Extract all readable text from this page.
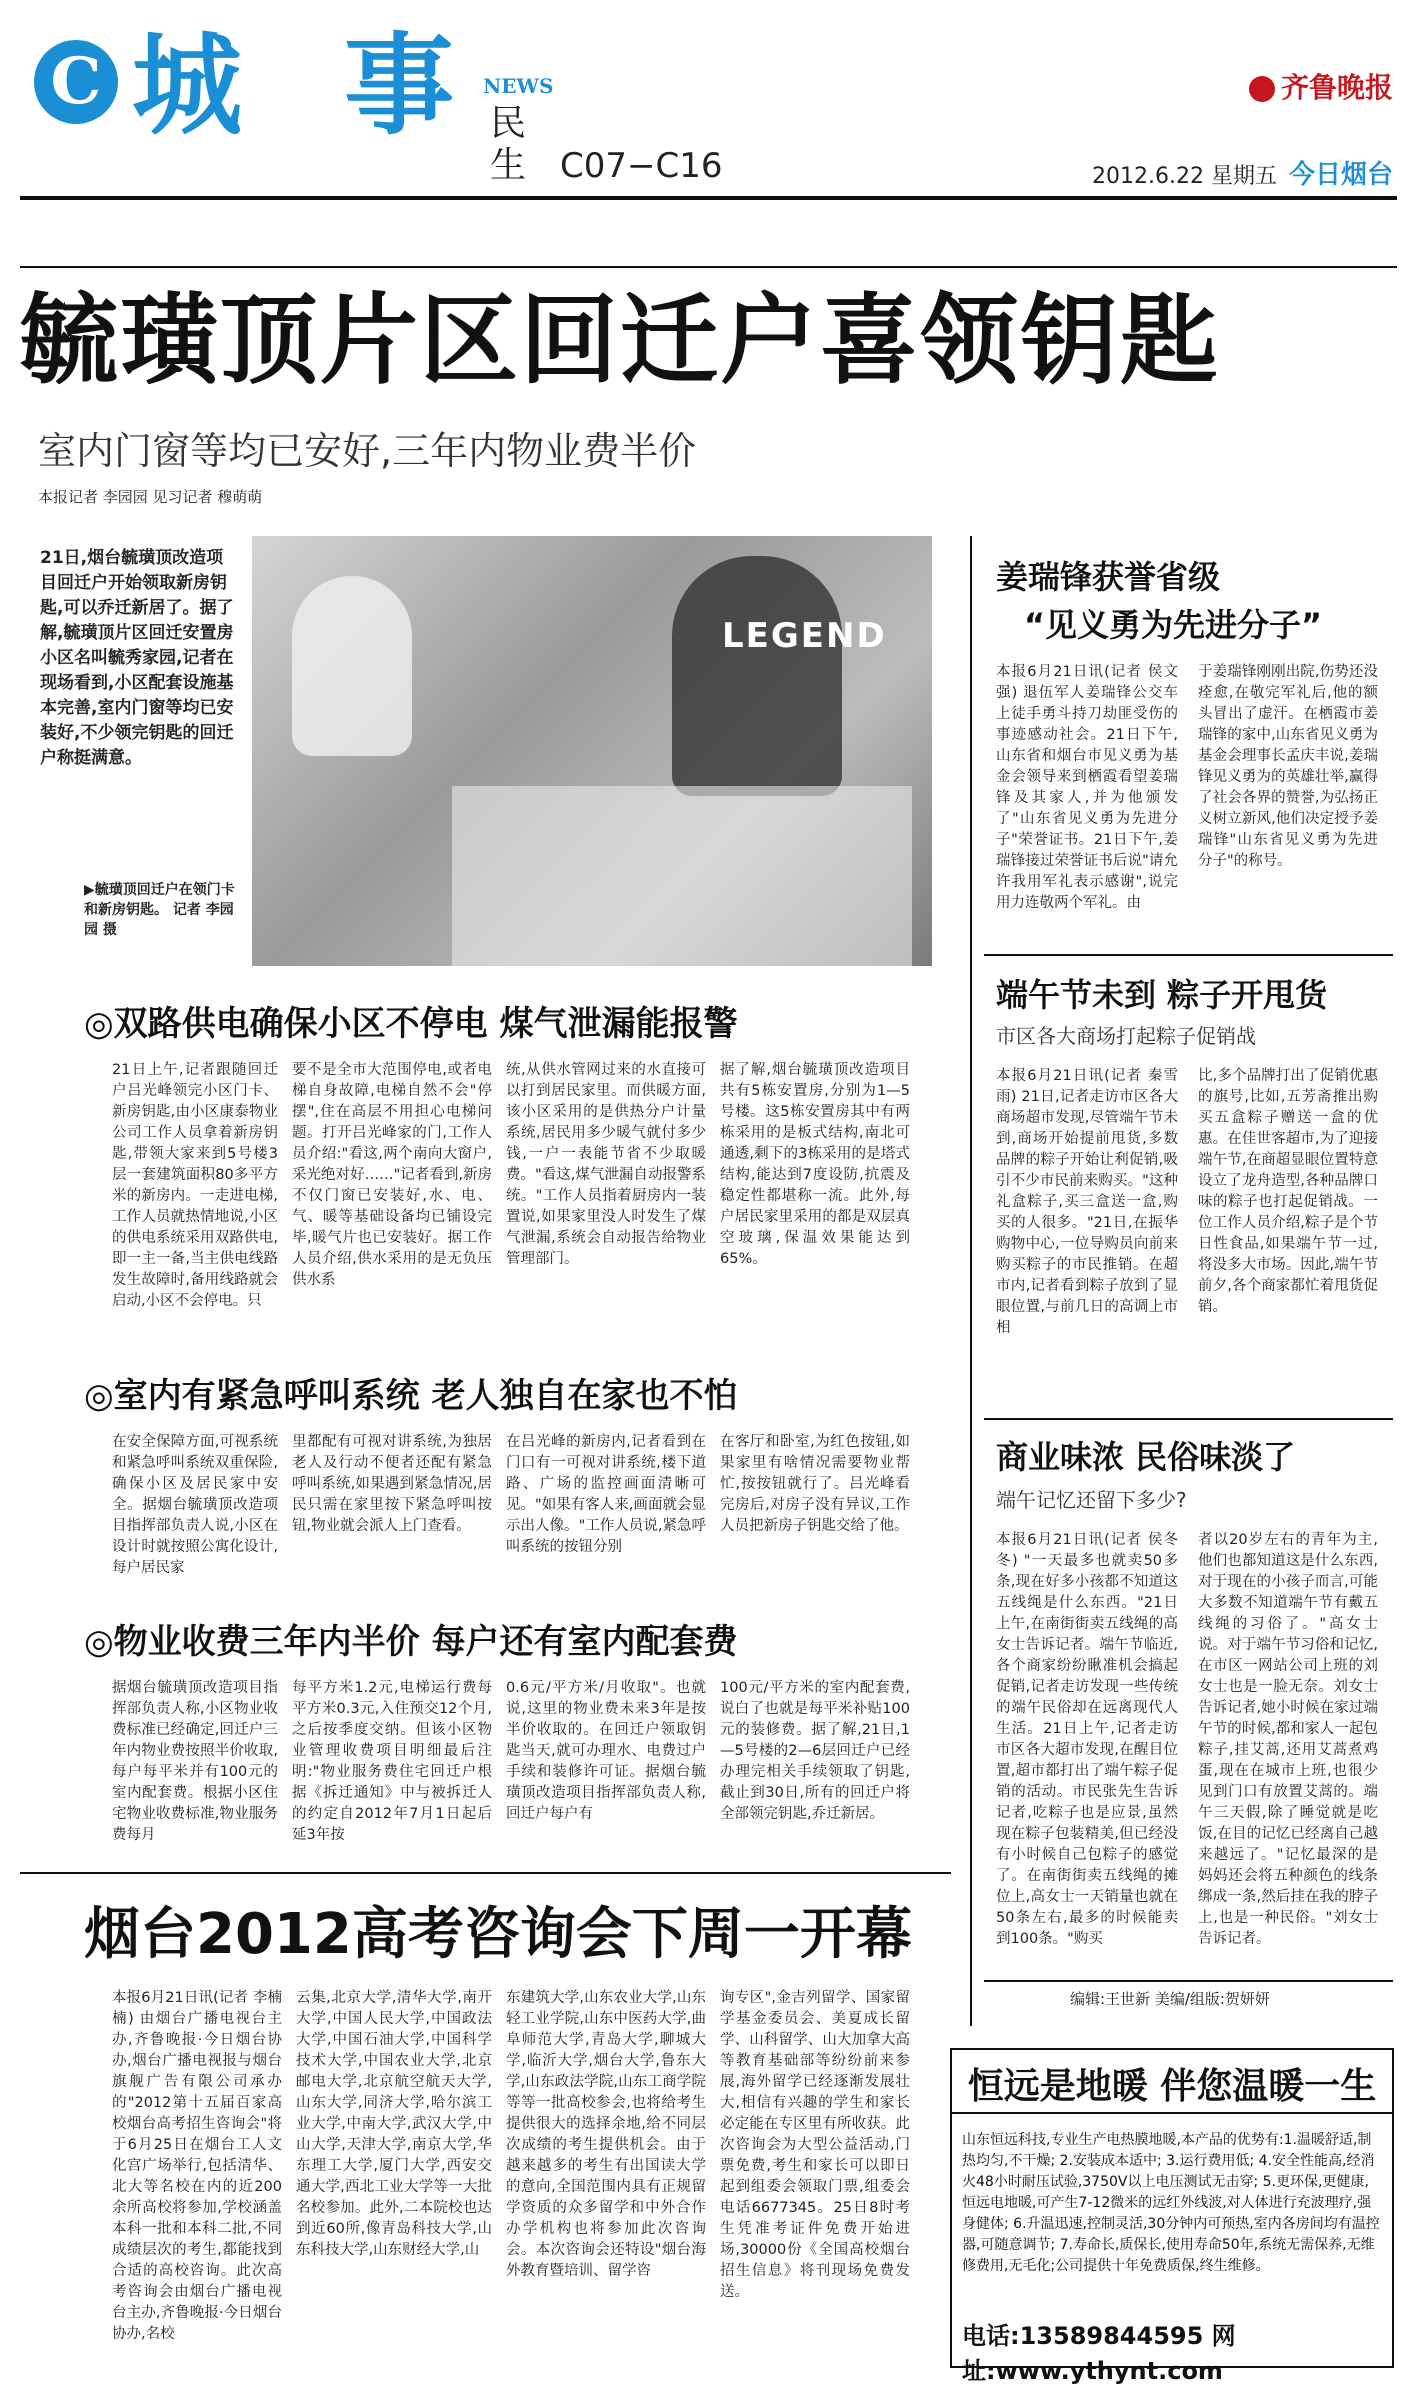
C 城 事 NEWS
民
生 C07−C16
齐鲁晚报
2012.6.22 星期五 今日烟台
毓璜顶片区回迁户喜领钥匙
室内门窗等均已安好,三年内物业费半价
本报记者 李园园 见习记者 穆萌萌
LEGEND
21日,烟台毓璜顶改造项目回迁户开始领取新房钥匙,可以乔迁新居了。据了解,毓璜顶片区回迁安置房小区名叫毓秀家园,记者在现场看到,小区配套设施基本完善,室内门窗等均已安装好,不少领完钥匙的回迁户称挺满意。
▶毓璜顶回迁户在领门卡和新房钥匙。 记者 李园园 摄
◎双路供电确保小区不停电 煤气泄漏能报警
21日上午,记者跟随回迁户吕光峰领完小区门卡、新房钥匙,由小区康泰物业公司工作人员拿着新房钥匙,带领大家来到5号楼3层一套建筑面积80多平方米的新房内。一走进电梯,工作人员就热情地说,小区的供电系统采用双路供电,即一主一备,当主供电线路发生故障时,备用线路就会启动,小区不会停电。只
要不是全市大范围停电,或者电梯自身故障,电梯自然不会"停摆",住在高层不用担心电梯问题。打开吕光峰家的门,工作人员介绍:"看这,两个南向大窗户,采光绝对好……"记者看到,新房不仅门窗已安装好,水、电、气、暖等基础设备均已铺设完毕,暖气片也已安装好。据工作人员介绍,供水采用的是无负压供水系
统,从供水管网过来的水直接可以打到居民家里。而供暖方面,该小区采用的是供热分户计量系统,居民用多少暖气就付多少钱,一户一表能节省不少取暖费。"看这,煤气泄漏自动报警系统。"工作人员指着厨房内一装置说,如果家里没人时发生了煤气泄漏,系统会自动报告给物业管理部门。
据了解,烟台毓璜顶改造项目共有5栋安置房,分别为1—5号楼。这5栋安置房其中有两栋采用的是板式结构,南北可通透,剩下的3栋采用的是塔式结构,能达到7度设防,抗震及稳定性都堪称一流。此外,每户居民家里采用的都是双层真空玻璃,保温效果能达到65%。
◎室内有紧急呼叫系统 老人独自在家也不怕
在安全保障方面,可视系统和紧急呼叫系统双重保险,确保小区及居民家中安全。据烟台毓璜顶改造项目指挥部负责人说,小区在设计时就按照公寓化设计,每户居民家
里都配有可视对讲系统,为独居老人及行动不便者还配有紧急呼叫系统,如果遇到紧急情况,居民只需在家里按下紧急呼叫按钮,物业就会派人上门查看。
在吕光峰的新房内,记者看到在门口有一可视对讲系统,楼下道路、广场的监控画面清晰可见。"如果有客人来,画面就会显示出人像。"工作人员说,紧急呼叫系统的按钮分别
在客厅和卧室,为红色按钮,如果家里有啥情况需要物业帮忙,按按钮就行了。吕光峰看完房后,对房子没有异议,工作人员把新房子钥匙交给了他。
◎物业收费三年内半价 每户还有室内配套费
据烟台毓璜顶改造项目指挥部负责人称,小区物业收费标准已经确定,回迁户三年内物业费按照半价收取,每户每平米并有100元的室内配套费。根据小区住宅物业收费标准,物业服务费每月
每平方米1.2元,电梯运行费每平方米0.3元,入住预交12个月,之后按季度交纳。但该小区物业管理收费项目明细最后注明:"物业服务费住宅回迁户根据《拆迁通知》中与被拆迁人的约定自2012年7月1日起后延3年按
0.6元/平方米/月收取"。也就说,这里的物业费未来3年是按半价收取的。在回迁户领取钥匙当天,就可办理水、电费过户手续和装修许可证。据烟台毓璜顶改造项目指挥部负责人称,回迁户每户有
100元/平方米的室内配套费,说白了也就是每平米补贴100元的装修费。据了解,21日,1—5号楼的2—6层回迁户已经办理完相关手续领取了钥匙,截止到30日,所有的回迁户将全部领完钥匙,乔迁新居。
烟台2012高考咨询会下周一开幕
本报6月21日讯(记者 李楠楠) 由烟台广播电视台主办,齐鲁晚报·今日烟台协办,烟台广播电视报与烟台旗舰广告有限公司承办的"2012第十五届百家高校烟台高考招生咨询会"将于6月25日在烟台工人文化宫广场举行,包括清华、北大等名校在内的近200余所高校将参加,学校涵盖本科一批和本科二批,不同成绩层次的考生,都能找到合适的高校咨询。此次高考咨询会由烟台广播电视台主办,齐鲁晚报·今日烟台协办,名校
云集,北京大学,清华大学,南开大学,中国人民大学,中国政法大学,中国石油大学,中国科学技术大学,中国农业大学,北京邮电大学,北京航空航天大学,山东大学,同济大学,哈尔滨工业大学,中南大学,武汉大学,中山大学,天津大学,南京大学,华东理工大学,厦门大学,西安交通大学,西北工业大学等一大批名校参加。此外,二本院校也达到近60所,像青岛科技大学,山东科技大学,山东财经大学,山
东建筑大学,山东农业大学,山东轻工业学院,山东中医药大学,曲阜师范大学,青岛大学,聊城大学,临沂大学,烟台大学,鲁东大学,山东政法学院,山东工商学院等等一批高校参会,也将给考生提供很大的选择余地,给不同层次成绩的考生提供机会。由于越来越多的考生有出国读大学的意向,全国范围内具有正规留学资质的众多留学和中外合作办学机构也将参加此次咨询会。本次咨询会还特设"烟台海外教育暨培训、留学咨
询专区",金吉列留学、国家留学基金委员会、美夏成长留学、山科留学、山大加拿大高等教育基础部等纷纷前来参展,海外留学已经逐渐发展壮大,相信有兴趣的学生和家长必定能在专区里有所收获。此次咨询会为大型公益活动,门票免费,考生和家长可以即日起到组委会领取门票,组委会电话6677345。25日8时考生凭准考证件免费开始进场,30000份《全国高校烟台招生信息》将刊现场免费发送。
姜瑞锋获誉省级
“见义勇为先进分子”
本报6月21日讯(记者 侯文强) 退伍军人姜瑞锋公交车上徒手勇斗持刀劫匪受伤的事迹感动社会。21日下午,山东省和烟台市见义勇为基金会领导来到栖霞看望姜瑞锋及其家人,并为他颁发了"山东省见义勇为先进分子"荣誉证书。21日下午,姜瑞锋接过荣誉证书后说"请允许我用军礼表示感谢",说完用力连敬两个军礼。由
于姜瑞锋刚刚出院,伤势还没痊愈,在敬完军礼后,他的额头冒出了虚汗。在栖霞市姜瑞锋的家中,山东省见义勇为基金会理事长孟庆丰说,姜瑞锋见义勇为的英雄壮举,赢得了社会各界的赞誉,为弘扬正义树立新风,他们决定授予姜瑞锋"山东省见义勇为先进分子"的称号。
端午节未到 粽子开甩货
市区各大商场打起粽子促销战
本报6月21日讯(记者 秦雪雨) 21日,记者走访市区各大商场超市发现,尽管端午节未到,商场开始提前甩货,多数品牌的粽子开始让利促销,吸引不少市民前来购买。"这种礼盒粽子,买三盒送一盒,购买的人很多。"21日,在振华购物中心,一位导购员向前来购买粽子的市民推销。在超市内,记者看到粽子放到了显眼位置,与前几日的高调上市相
比,多个品牌打出了促销优惠的旗号,比如,五芳斋推出购买五盒粽子赠送一盒的优惠。在佳世客超市,为了迎接端午节,在商超显眼位置特意设立了龙舟造型,各种品牌口味的粽子也打起促销战。一位工作人员介绍,粽子是个节日性食品,如果端午节一过,将没多大市场。因此,端午节前夕,各个商家都忙着甩货促销。
商业味浓 民俗味淡了
端午记忆还留下多少?
本报6月21日讯(记者 侯冬冬) "一天最多也就卖50多条,现在好多小孩都不知道这五线绳是什么东西。"21日上午,在南街街卖五线绳的高女士告诉记者。端午节临近,各个商家纷纷瞅准机会搞起促销,记者走访发现一些传统的端午民俗却在远离现代人生活。21日上午,记者走访市区各大超市发现,在醒目位置,超市都打出了端午粽子促销的活动。市民张先生告诉记者,吃粽子也是应景,虽然现在粽子包装精美,但已经没有小时候自己包粽子的感觉了。在南街街卖五线绳的摊位上,高女士一天销量也就在50条左右,最多的时候能卖到100条。"购买
者以20岁左右的青年为主,他们也都知道这是什么东西,对于现在的小孩子而言,可能大多数不知道端午节有戴五线绳的习俗了。"高女士说。对于端午节习俗和记忆,在市区一网站公司上班的刘女士也是一脸无奈。刘女士告诉记者,她小时候在家过端午节的时候,都和家人一起包粽子,挂艾蒿,还用艾蒿煮鸡蛋,现在在城市上班,也很少见到门口有放置艾蒿的。端午三天假,除了睡觉就是吃饭,在目的记忆已经离自己越来越远了。"记忆最深的是妈妈还会将五种颜色的线条绑成一条,然后挂在我的脖子上,也是一种民俗。"刘女士告诉记者。
编辑:王世新 美编/组版:贺妍妍
恒远是地暖 伴您温暖一生
山东恒远科技,专业生产电热膜地暖,本产品的优势有:1.温暖舒适,制热均匀,不干燥; 2.安装成本适中; 3.运行费用低; 4.安全性能高,经消火48小时耐压试验,3750V以上电压测试无击穿; 5.更环保,更健康,恒远电地暖,可产生7-12微米的远红外线波,对人体进行充波理疗,强身健体; 6.升温迅速,控制灵活,30分钟内可预热,室内各房间均有温控器,可随意调节; 7.寿命长,质保长,使用寿命50年,系统无需保养,无维修费用,无毛化;公司提供十年免费质保,终生维修。
电话:13589844595 网址:www.ythynt.com
